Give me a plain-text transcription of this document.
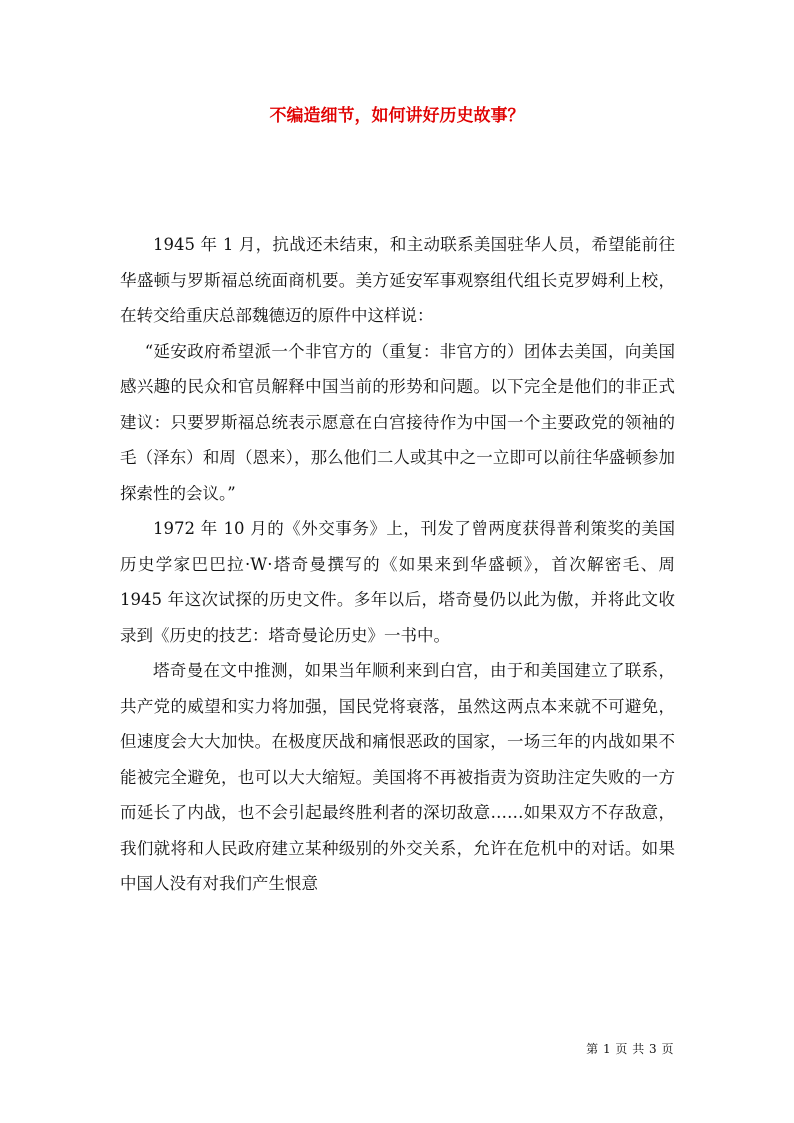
不编造细节，如何讲好历史故事？

1945 年 1 月，抗战还未结束，和主动联系美国驻华人员，希望能前往华盛顿与罗斯福总统面商机要。美方延安军事观察组代组长克罗姆利上校，在转交给重庆总部魏德迈的原件中这样说：

“延安政府希望派一个非官方的（重复：非官方的）团体去美国，向美国感兴趣的民众和官员解释中国当前的形势和问题。以下完全是他们的非正式建议：只要罗斯福总统表示愿意在白宫接待作为中国一个主要政党的领袖的毛（泽东）和周（恩来），那么他们二人或其中之一立即可以前往华盛顿参加探索性的会议。”

1972 年 10 月的《外交事务》上，刊发了曾两度获得普利策奖的美国历史学家巴巴拉·W·塔奇曼撰写的《如果来到华盛顿》，首次解密毛、周 1945 年这次试探的历史文件。多年以后，塔奇曼仍以此为傲，并将此文收录到《历史的技艺：塔奇曼论历史》一书中。

塔奇曼在文中推测，如果当年顺利来到白宫，由于和美国建立了联系，共产党的威望和实力将加强，国民党将衰落，虽然这两点本来就不可避免，但速度会大大加快。在极度厌战和痛恨恶政的国家，一场三年的内战如果不能被完全避免，也可以大大缩短。美国将不再被指责为资助注定失败的一方而延长了内战，也不会引起最终胜利者的深切敌意……如果双方不存敌意，我们就将和人民政府建立某种级别的外交关系，允许在危机中的对话。如果中国人没有对我们产生恨意

第 1 页 共 3 页
